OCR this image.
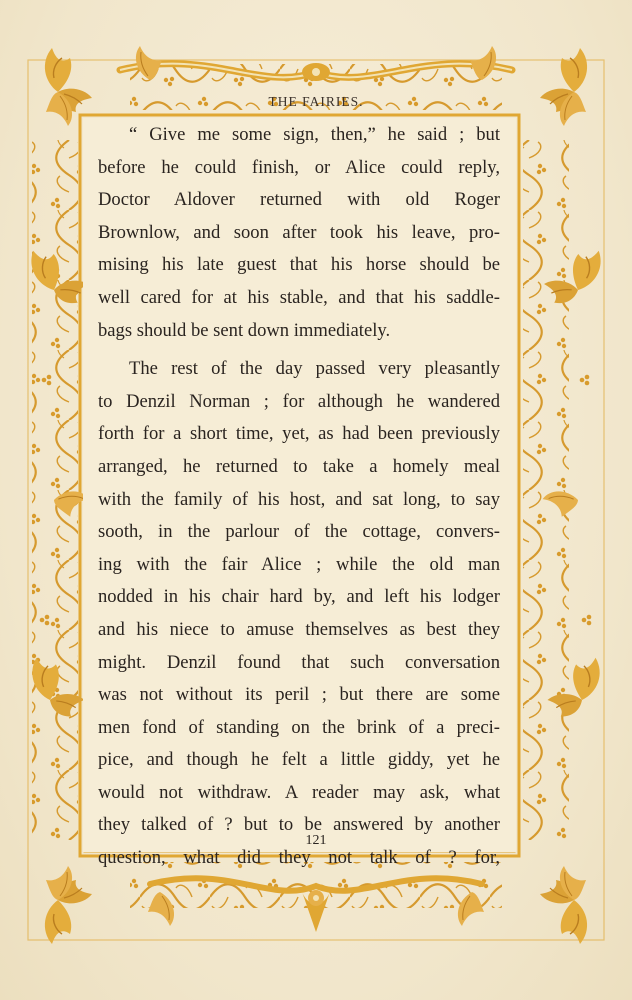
THE FAIRIES.
“ Give me some sign, then,” he said ; but
before he could finish, or Alice could reply,
Doctor Aldover returned with old Roger
Brownlow, and soon after took his leave, pro-
mising his late guest that his horse should be
well cared for at his stable, and that his saddle-
bags should be sent down immediately.
The rest of the day passed very pleasantly
to Denzil Norman ; for although he wandered
forth for a short time, yet, as had been previously
arranged, he returned to take a homely meal
with the family of his host, and sat long, to say
sooth, in the parlour of the cottage, convers-
ing with the fair Alice ; while the old man
nodded in his chair hard by, and left his lodger
and his niece to amuse themselves as best they
might. Denzil found that such conversation
was not without its peril ; but there are some
men fond of standing on the brink of a preci-
pice, and though he felt a little giddy, yet he
would not withdraw. A reader may ask, what
they talked of ? but to be answered by another
question, what did they not talk of ? for,
121
